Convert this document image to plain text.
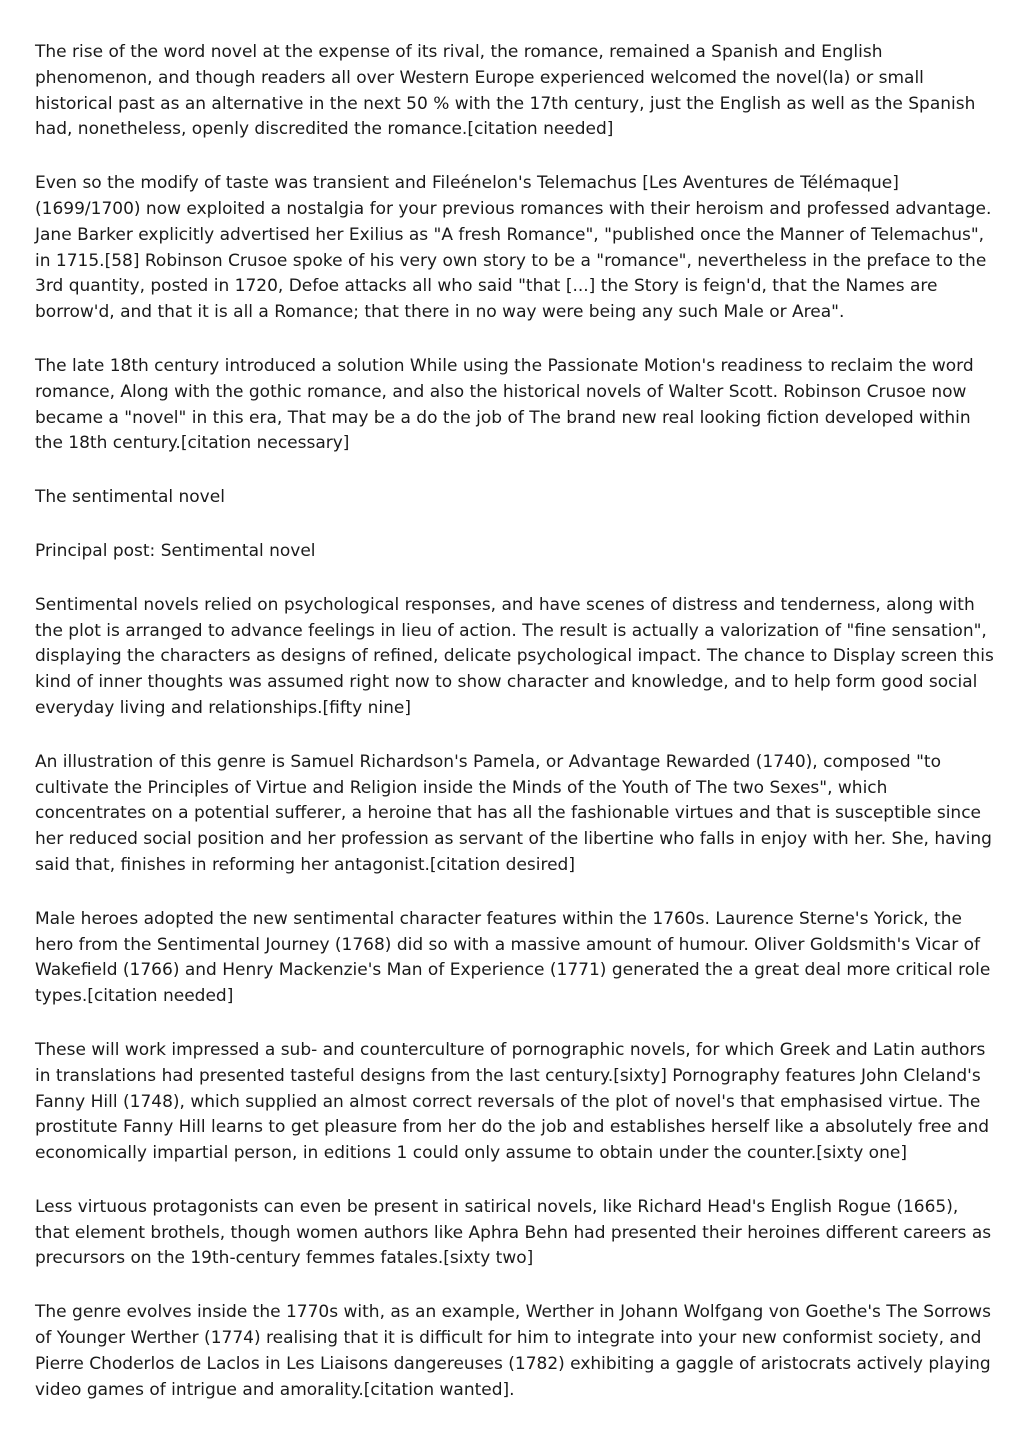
The rise of the word novel at the expense of its rival, the romance, remained a Spanish and English phenomenon, and though readers all over Western Europe experienced welcomed the novel(la) or small historical past as an alternative in the next 50 % with the 17th century, just the English as well as the Spanish had, nonetheless, openly discredited the romance.[citation needed]

Even so the modify of taste was transient and Fileénelon's Telemachus [Les Aventures de Télémaque] (1699/1700) now exploited a nostalgia for your previous romances with their heroism and professed advantage. Jane Barker explicitly advertised her Exilius as "A fresh Romance", "published once the Manner of Telemachus", in 1715.[58] Robinson Crusoe spoke of his very own story to be a "romance", nevertheless in the preface to the 3rd quantity, posted in 1720, Defoe attacks all who said "that [...] the Story is feign'd, that the Names are borrow'd, and that it is all a Romance; that there in no way were being any such Male or Area".

The late 18th century introduced a solution While using the Passionate Motion's readiness to reclaim the word romance, Along with the gothic romance, and also the historical novels of Walter Scott. Robinson Crusoe now became a "novel" in this era, That may be a do the job of The brand new real looking fiction developed within the 18th century.[citation necessary]

The sentimental novel

Principal post: Sentimental novel

Sentimental novels relied on psychological responses, and have scenes of distress and tenderness, along with the plot is arranged to advance feelings in lieu of action. The result is actually a valorization of "fine sensation", displaying the characters as designs of refined, delicate psychological impact. The chance to Display screen this kind of inner thoughts was assumed right now to show character and knowledge, and to help form good social everyday living and relationships.[fifty nine]

An illustration of this genre is Samuel Richardson's Pamela, or Advantage Rewarded (1740), composed "to cultivate the Principles of Virtue and Religion inside the Minds of the Youth of The two Sexes", which concentrates on a potential sufferer, a heroine that has all the fashionable virtues and that is susceptible since her reduced social position and her profession as servant of the libertine who falls in enjoy with her. She, having said that, finishes in reforming her antagonist.[citation desired]

Male heroes adopted the new sentimental character features within the 1760s. Laurence Sterne's Yorick, the hero from the Sentimental Journey (1768) did so with a massive amount of humour. Oliver Goldsmith's Vicar of Wakefield (1766) and Henry Mackenzie's Man of Experience (1771) generated the a great deal more critical role types.[citation needed]

These will work impressed a sub- and counterculture of pornographic novels, for which Greek and Latin authors in translations had presented tasteful designs from the last century.[sixty] Pornography features John Cleland's Fanny Hill (1748), which supplied an almost correct reversals of the plot of novel's that emphasised virtue. The prostitute Fanny Hill learns to get pleasure from her do the job and establishes herself like a absolutely free and economically impartial person, in editions 1 could only assume to obtain under the counter.[sixty one]

Less virtuous protagonists can even be present in satirical novels, like Richard Head's English Rogue (1665), that element brothels, though women authors like Aphra Behn had presented their heroines different careers as precursors on the 19th-century femmes fatales.[sixty two]

The genre evolves inside the 1770s with, as an example, Werther in Johann Wolfgang von Goethe's The Sorrows of Younger Werther (1774) realising that it is difficult for him to integrate into your new conformist society, and Pierre Choderlos de Laclos in Les Liaisons dangereuses (1782) exhibiting a gaggle of aristocrats actively playing video games of intrigue and amorality.[citation wanted].
